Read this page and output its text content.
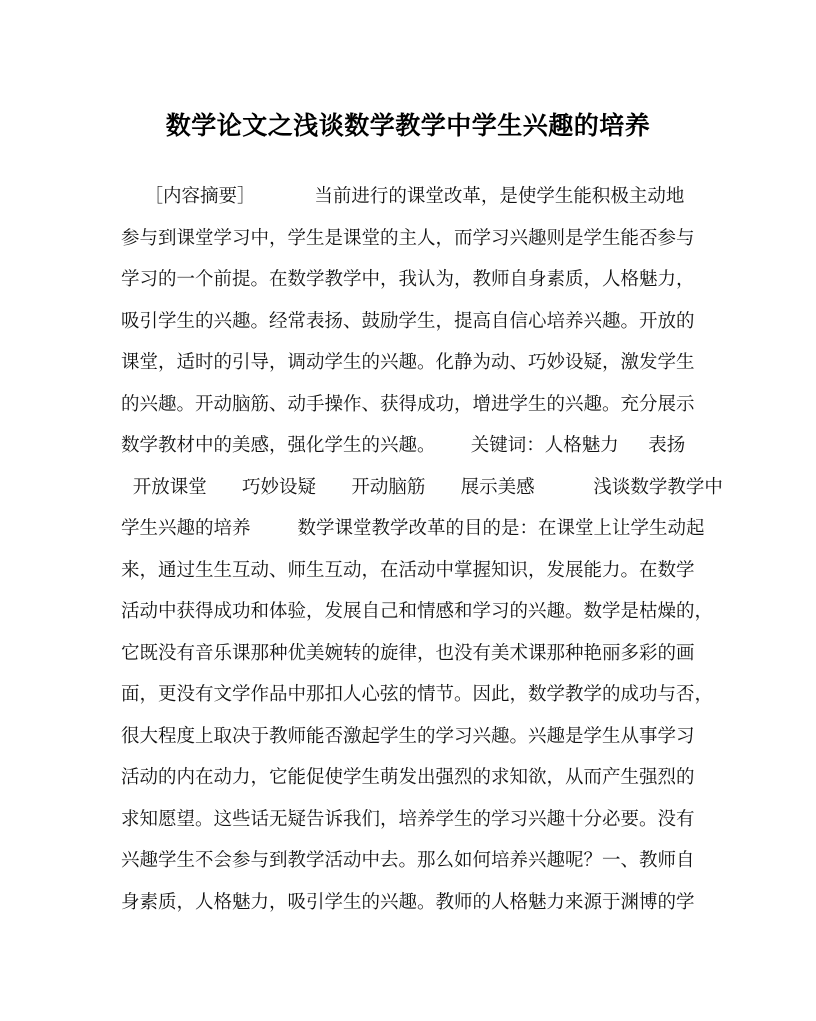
数学论文之浅谈数学教学中学生兴趣的培养
［内容摘要］          当前进行的课堂改革，是使学生能积极主动地
参与到课堂学习中，学生是课堂的主人，而学习兴趣则是学生能否参与
学习的一个前提。在数学教学中，我认为，教师自身素质，人格魅力，
吸引学生的兴趣。经常表扬、鼓励学生，提高自信心培养兴趣。开放的
课堂，适时的引导，调动学生的兴趣。化静为动、巧妙设疑，激发学生
的兴趣。开动脑筋、动手操作、获得成功，增进学生的兴趣。充分展示
数学教材中的美感，强化学生的兴趣。      关键词：人格魅力     表扬
开放课堂      巧妙设疑      开动脑筋      展示美感          浅谈数学教学中
学生兴趣的培养        数学课堂教学改革的目的是：在课堂上让学生动起
来，通过生生互动、师生互动，在活动中掌握知识，发展能力。在数学
活动中获得成功和体验，发展自己和情感和学习的兴趣。数学是枯燥的，
它既没有音乐课那种优美婉转的旋律，也没有美术课那种艳丽多彩的画
面，更没有文学作品中那扣人心弦的情节。因此，数学教学的成功与否，
很大程度上取决于教师能否激起学生的学习兴趣。兴趣是学生从事学习
活动的内在动力，它能促使学生萌发出强烈的求知欲，从而产生强烈的
求知愿望。这些话无疑告诉我们，培养学生的学习兴趣十分必要。没有
兴趣学生不会参与到教学活动中去。那么如何培养兴趣呢？一、教师自
身素质，人格魅力，吸引学生的兴趣。教师的人格魅力来源于渊博的学
